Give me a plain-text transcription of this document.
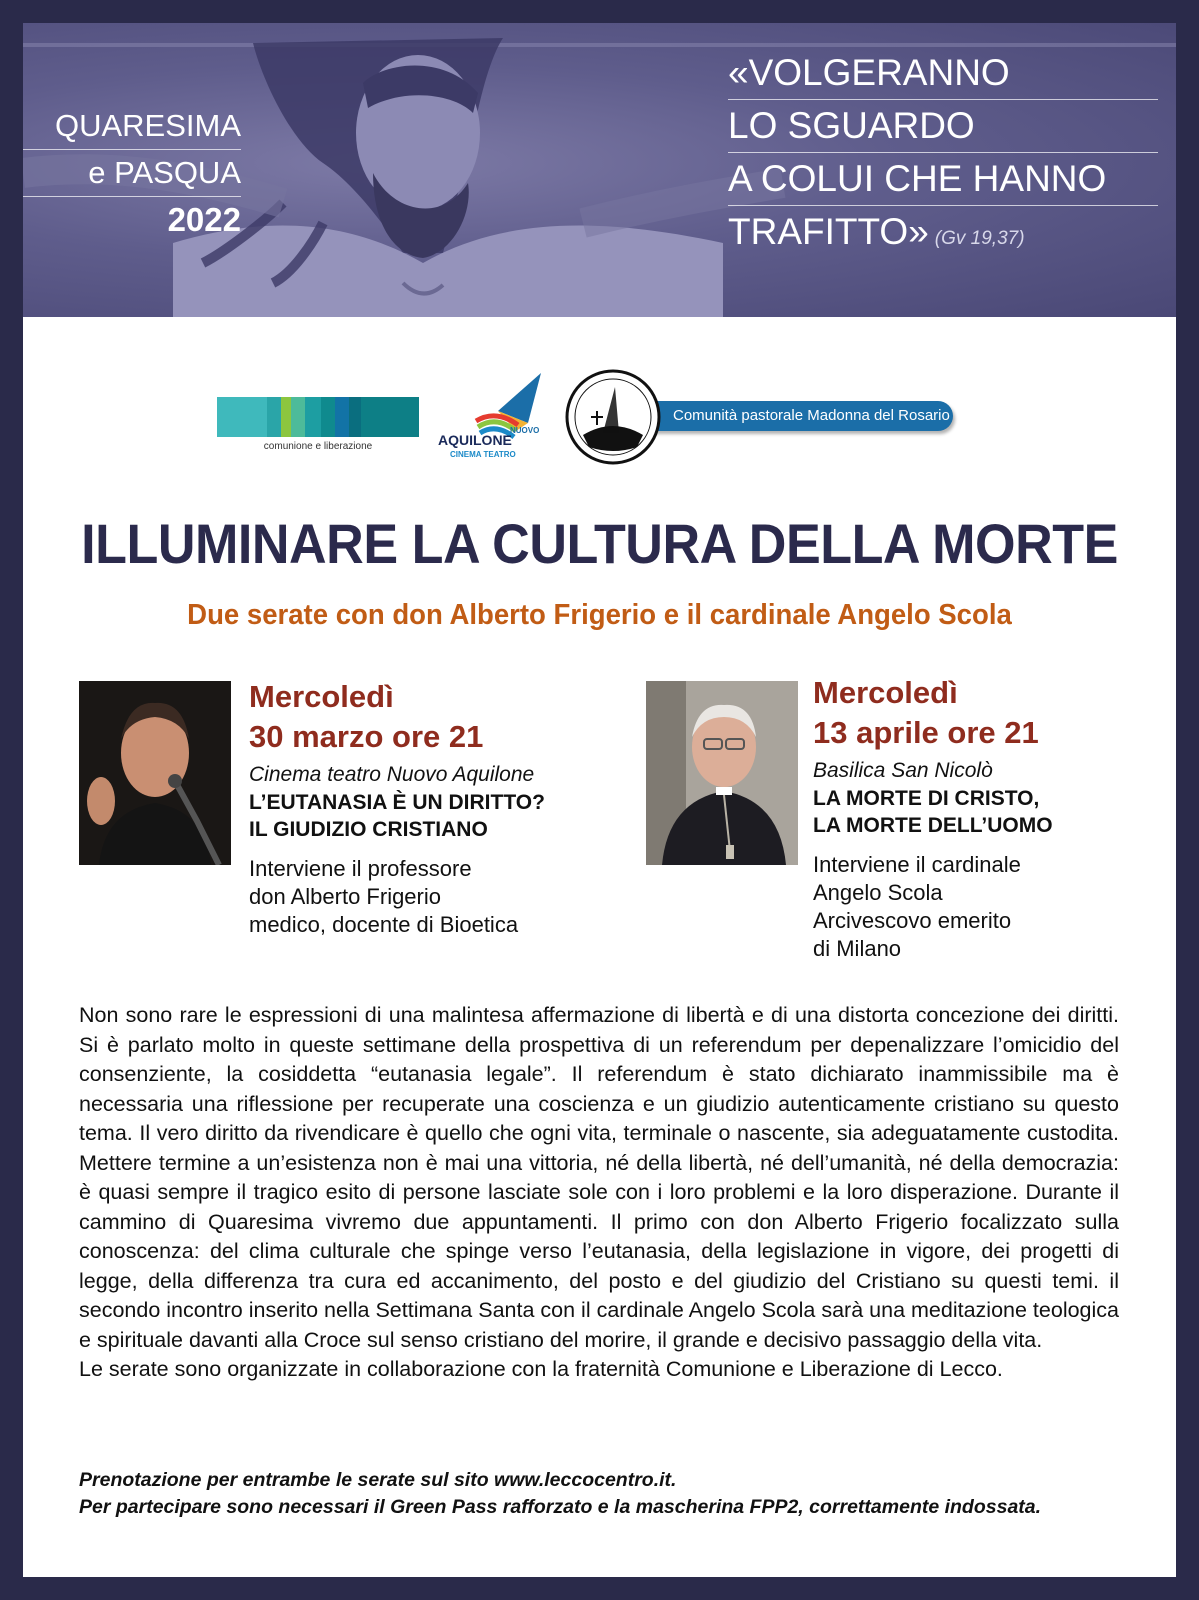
QUARESIMA
e PASQUA
2022
«VOLGERANNO
LO SGUARDO
A COLUI CHE HANNO
TRAFITTO» (Gv 19,37)
comunione e liberazione
NUOVO
AQUILONE
CINEMA TEATRO
Comunità pastorale Madonna del Rosario
ILLUMINARE LA CULTURA DELLA MORTE
Due serate con don Alberto Frigerio e il cardinale Angelo Scola
Mercoledì
30 marzo ore 21
Cinema teatro Nuovo Aquilone
L’EUTANASIA È UN DIRITTO?
IL GIUDIZIO CRISTIANO
Interviene il professore
don Alberto Frigerio
medico, docente di Bioetica
Mercoledì
13 aprile ore 21
Basilica San Nicolò
LA MORTE DI CRISTO,
LA MORTE DELL’UOMO
Interviene il cardinale
Angelo Scola
Arcivescovo emerito
di Milano

Non sono rare le espressioni di una malintesa affermazione di libertà e di una distorta concezione dei diritti. Si è parlato molto in queste settimane della prospettiva di un referendum per depenalizzare l’omicidio del consenziente, la cosiddetta “eutanasia legale”. Il referendum è stato dichiarato inammissibile ma è necessaria una riflessione per recuperate una coscienza e un giudizio autenticamente cristiano su questo tema. Il vero diritto da rivendicare è quello che ogni vita, terminale o nascente, sia adeguatamente custodita. Mettere termine a un’esistenza non è mai una vittoria, né della libertà, né dell’umanità, né della democrazia: è quasi sempre il tragico esito di persone lasciate sole con i loro problemi e la loro disperazione. Durante il cammino di Quaresima vivremo due appuntamenti. Il primo con don Alberto Frigerio focalizzato sulla conoscenza: del clima culturale che spinge verso l’eutanasia, della legislazione in vigore, dei progetti di legge, della differenza tra cura ed accanimento, del posto e del giudizio del Cristiano su questi temi. il secondo incontro inserito nella Settimana Santa con il cardinale Angelo Scola sarà una meditazione teologica e spirituale davanti alla Croce sul senso cristiano del morire, il grande e decisivo passaggio della vita.

Le serate sono organizzate in collaborazione con la fraternità Comunione e Liberazione di Lecco.

Prenotazione per entrambe le serate sul sito www.leccocentro.it.
Per partecipare sono necessari il Green Pass rafforzato e la mascherina FPP2, correttamente indossata.
